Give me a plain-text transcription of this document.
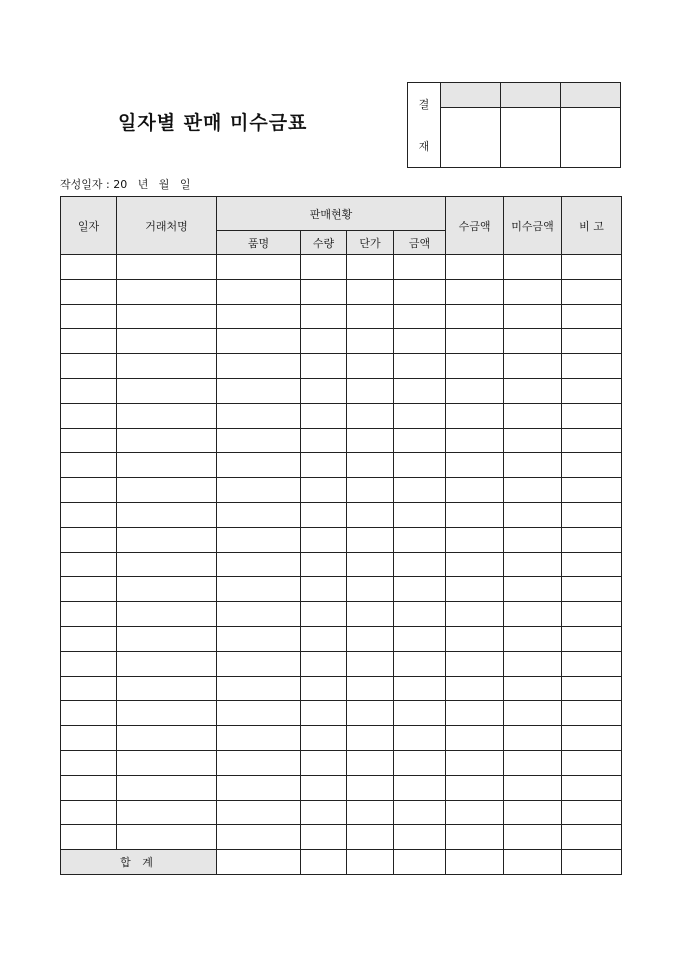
일자별 판매 미수금표
결
재			

작성일자 : 20   년   월   일
일자	거래처명	판매현황				수금액	미수금액	비 고
		품명	수량	단가	금액			

합 계								
